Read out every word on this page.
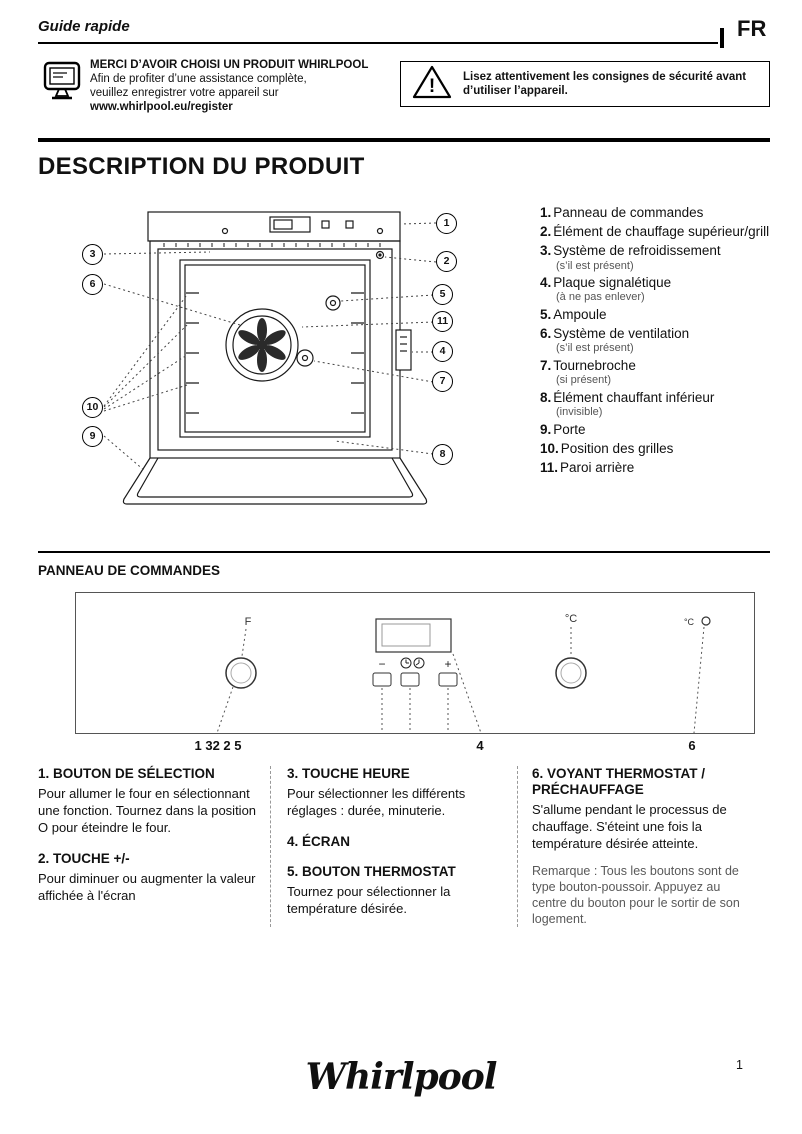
Guide rapide	FR
MERCI D’AVOIR CHOISI UN PRODUIT WHIRLPOOL
Afin de profiter d’une assistance complète,
veuillez enregistrer votre appareil sur
www.whirlpool.eu/register
! Lisez attentivement les consignes de sécurité avant
d’utiliser l’appareil.
DESCRIPTION DU PRODUIT
1
2
3
6
5
11
4
7
10
9
8
1. Panneau de commandes
2. Élément de chauffage supérieur/grill
3. Système de refroidissement
(s’il est présent)
4. Plaque signalétique
(à ne pas enlever)
5. Ampoule
6. Système de ventilation
(s’il est présent)
7. Tournebroche
(si présent)
8. Élément chauffant inférieur
(invisible)
9. Porte
10. Position des grilles
11. Paroi arrière
PANNEAU DE COMMANDES
F
−	+
°C	°C
1 32 2 5	4	6
1. BOUTON DE SÉLECTION

Pour allumer le four en sélectionnant une fonction. Tournez dans la position O pour éteindre le four.

2. TOUCHE +/-

Pour diminuer ou augmenter la valeur affichée à l'écran

3. TOUCHE HEURE

Pour sélectionner les différents réglages : durée, minuterie.

4. ÉCRAN
5. BOUTON THERMOSTAT

Tournez pour sélectionner la température désirée.

6. VOYANT THERMOSTAT / PRÉCHAUFFAGE

S'allume pendant le processus de chauffage. S'éteint une fois la température désirée atteinte.

Remarque : Tous les boutons sont de type bouton-poussoir. Appuyez au centre du bouton pour le sortir de son logement.

Whirlpool	1
